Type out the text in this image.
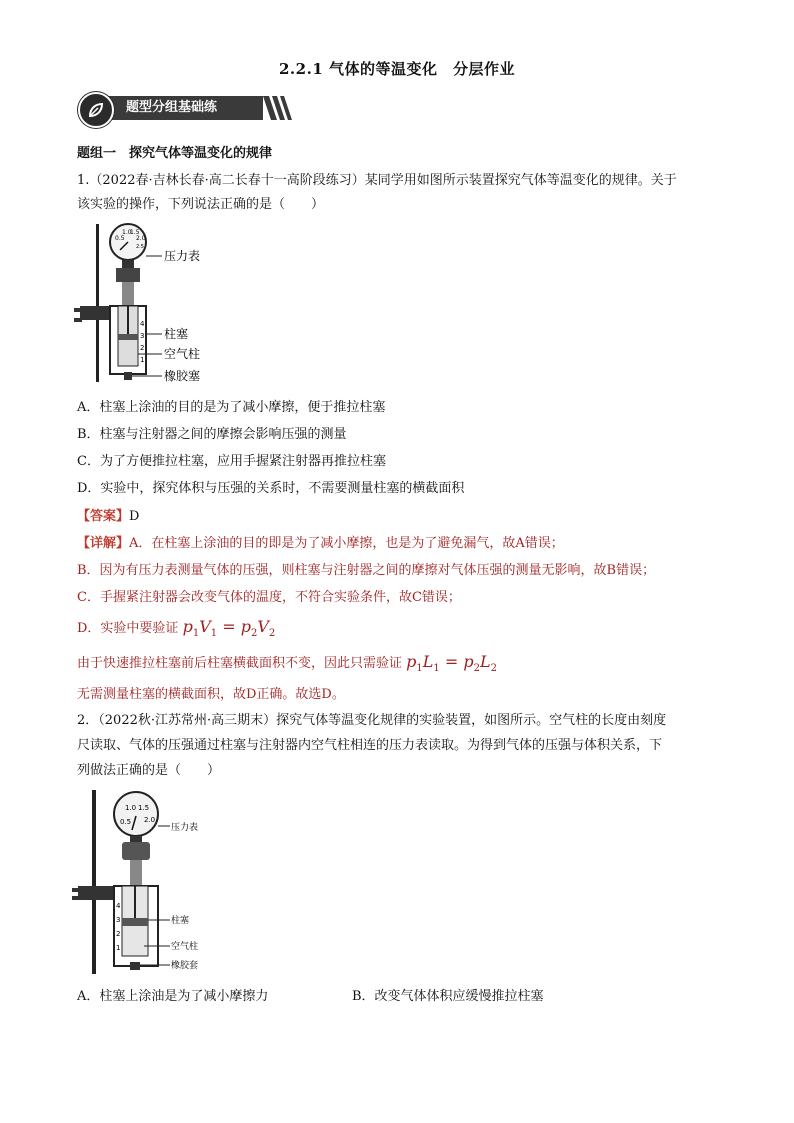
2.2.1 气体的等温变化　分层作业
题型分组基础练
题组一　探究气体等温变化的规律
1.（2022春·吉林长春·高二长春十一高阶段练习）某同学用如图所示装置探究气体等温变化的规律。关于
该实验的操作，下列说法正确的是（　　）
0.5
1.0
1.5
2.0
2.5
4
3
2
1
压力表
柱塞
空气柱
橡胶塞
A．柱塞上涂油的目的是为了减小摩擦，便于推拉柱塞
B．柱塞与注射器之间的摩擦会影响压强的测量
C．为了方便推拉柱塞，应用手握紧注射器再推拉柱塞
D．实验中，探究体积与压强的关系时，不需要测量柱塞的横截面积
【答案】D
【详解】A．在柱塞上涂油的目的即是为了减小摩擦，也是为了避免漏气，故A错误；
B．因为有压力表测量气体的压强，则柱塞与注射器之间的摩擦对气体压强的测量无影响，故B错误；
C．手握紧注射器会改变气体的温度，不符合实验条件，故C错误；
D．实验中要验证 $p_1V_1 = p_2V_2$
由于快速推拉柱塞前后柱塞横截面积不变，因此只需验证 $p_1L_1 = p_2L_2$
无需测量柱塞的横截面积，故D正确。故选D。
2．（2022秋·江苏常州·高三期末）探究气体等温变化规律的实验装置，如图所示。空气柱的长度由刻度
尺读取、气体的压强通过柱塞与注射器内空气柱相连的压力表读取。为得到气体的压强与体积关系，下
列做法正确的是（　　）
0.5
1.0 1.5
2.0
4
3
2
1
压力表
柱塞
空气柱
橡胶套
A．柱塞上涂油是为了减小摩擦力	B．改变气体体积应缓慢推拉柱塞
